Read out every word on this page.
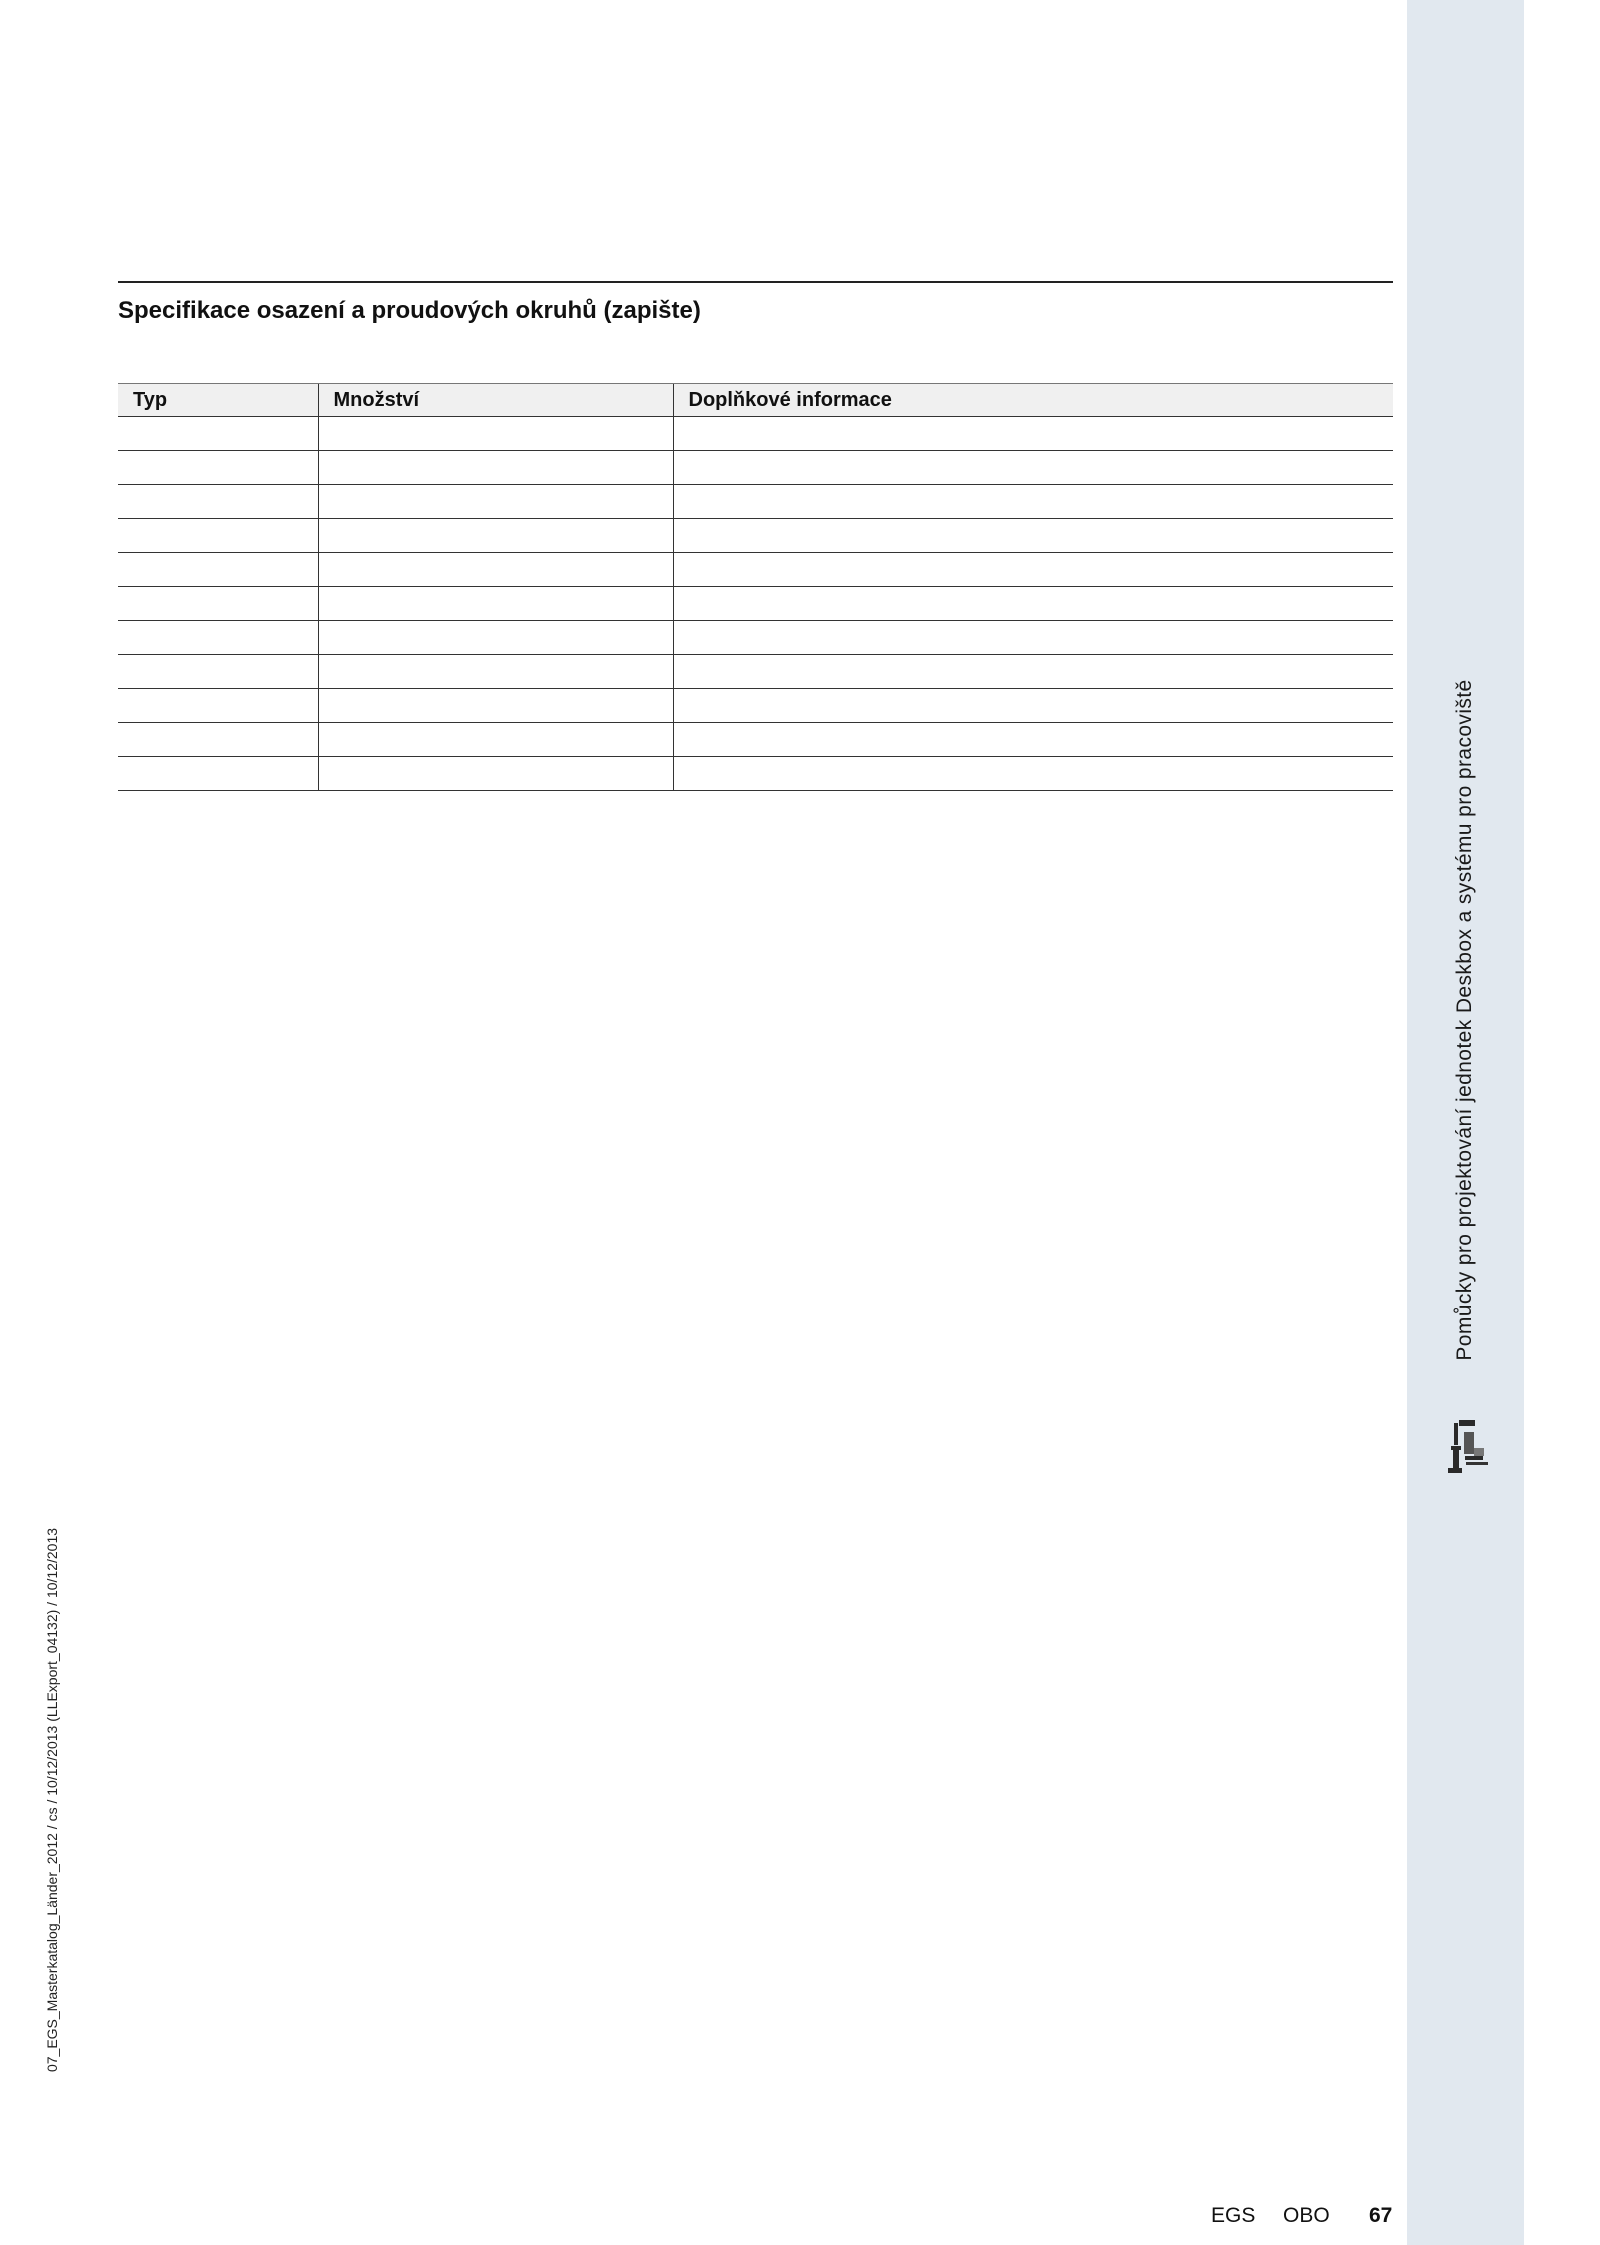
Pomůcky pro projektování jednotek Deskbox a systému pro pracoviště
07_EGS_Masterkatalog_Länder_2012 / cs / 10/12/2013 (LLExport_04132) / 10/12/2013
Specifikace osazení a proudových okruhů (zapište)
Typ	Množství	Doplňkové informace

EGS OBO 67
